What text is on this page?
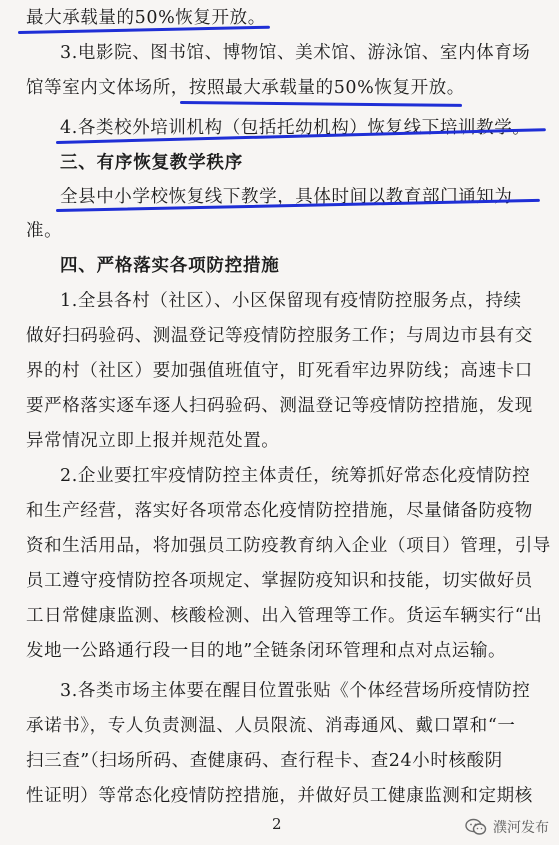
最大承载量的50%恢复开放。
3.电影院、图书馆、博物馆、美术馆、游泳馆、室内体育场
馆等室内文体场所，按照最大承载量的50%恢复开放。
4.各类校外培训机构（包括托幼机构）恢复线下培训教学。
三、有序恢复教学秩序
全县中小学校恢复线下教学，具体时间以教育部门通知为
准。
四、严格落实各项防控措施
1.全县各村（社区）、小区保留现有疫情防控服务点，持续
做好扫码验码、测温登记等疫情防控服务工作；与周边市县有交
界的村（社区）要加强值班值守，盯死看牢边界防线；高速卡口
要严格落实逐车逐人扫码验码、测温登记等疫情防控措施，发现
异常情况立即上报并规范处置。
2.企业要扛牢疫情防控主体责任，统筹抓好常态化疫情防控
和生产经营，落实好各项常态化疫情防控措施，尽量储备防疫物
资和生活用品，将加强员工防疫教育纳入企业（项目）管理，引导
员工遵守疫情防控各项规定、掌握防疫知识和技能，切实做好员
工日常健康监测、核酸检测、出入管理等工作。货运车辆实行“出
发地一公路通行段一目的地”全链条闭环管理和点对点运输。
3.各类市场主体要在醒目位置张贴《个体经营场所疫情防控
承诺书》，专人负责测温、人员限流、消毒通风、戴口罩和“一
扫三查”（扫场所码、查健康码、查行程卡、查24小时核酸阴
性证明）等常态化疫情防控措施，并做好员工健康监测和定期核
2	濮河发布
